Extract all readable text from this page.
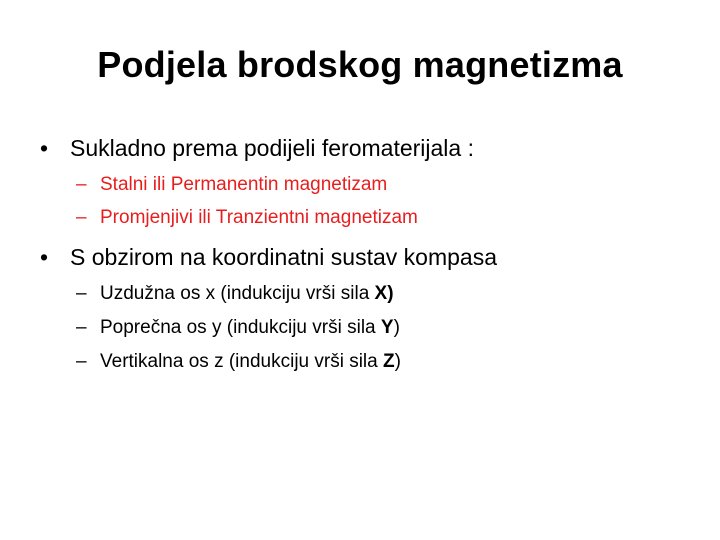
Podjela brodskog magnetizma
• Sukladno prema podijeli feromaterijala :
– Stalni ili Permanentin magnetizam
– Promjenjivi ili Tranzientni magnetizam
• S obzirom na koordinatni sustav kompasa
– Uzdužna os x (indukciju vrši sila X)
– Poprečna os y (indukciju vrši sila Y)
– Vertikalna os z (indukciju vrši sila Z)
